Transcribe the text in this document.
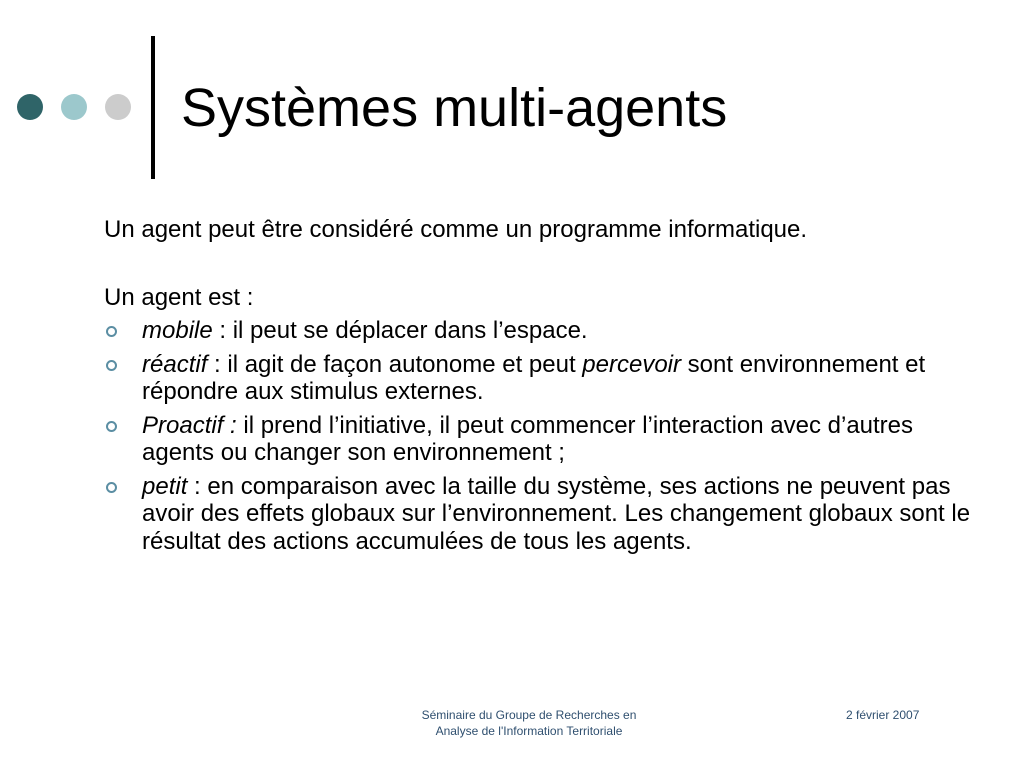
Systèmes multi-agents

Un agent peut être considéré comme un programme informatique.

Un agent est :

mobile : il peut se déplacer dans l’espace.
réactif : il agit de façon autonome et peut percevoir sont environnement et répondre aux stimulus externes.
Proactif : il prend l’initiative, il peut commencer l’interaction avec d’autres agents ou changer son environnement ;
petit : en comparaison avec la taille du système, ses actions ne peuvent pas avoir des effets globaux sur l’environnement. Les changement globaux sont le résultat des actions accumulées de tous les agents.
Séminaire du Groupe de Recherches en
Analyse de l'Information Territoriale
2 février 2007
